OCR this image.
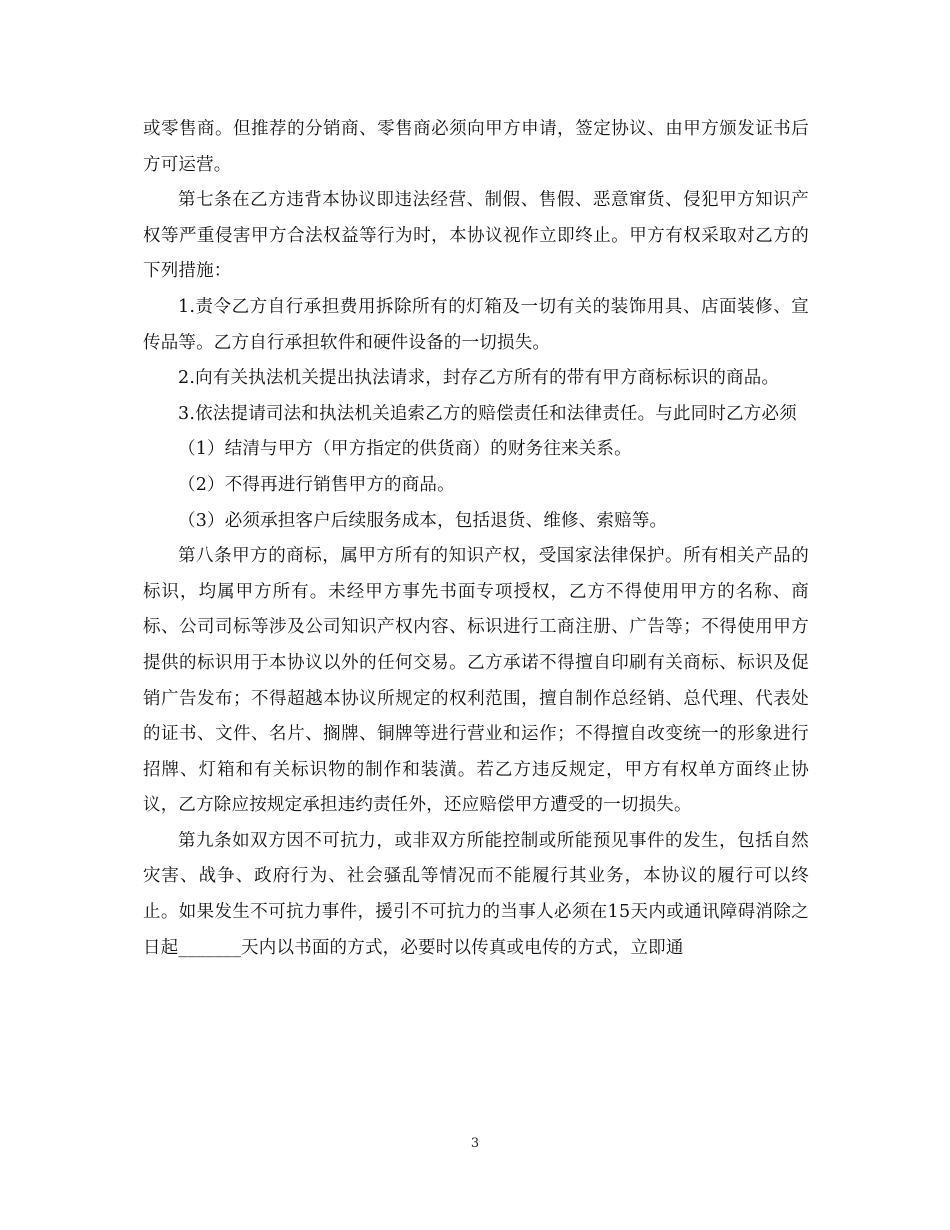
或零售商。但推荐的分销商、零售商必须向甲方申请，签定协议、由甲方颁发证书后方可运营。

第七条在乙方违背本协议即违法经营、制假、售假、恶意窜货、侵犯甲方知识产权等严重侵害甲方合法权益等行为时，本协议视作立即终止。甲方有权采取对乙方的下列措施：

1.责令乙方自行承担费用拆除所有的灯箱及一切有关的装饰用具、店面装修、宣传品等。乙方自行承担软件和硬件设备的一切损失。

2.向有关执法机关提出执法请求，封存乙方所有的带有甲方商标标识的商品。

3.依法提请司法和执法机关追索乙方的赔偿责任和法律责任。与此同时乙方必须

（1）结清与甲方（甲方指定的供货商）的财务往来关系。

（2）不得再进行销售甲方的商品。

（3）必须承担客户后续服务成本，包括退货、维修、索赔等。

第八条甲方的商标，属甲方所有的知识产权，受国家法律保护。所有相关产品的标识，均属甲方所有。未经甲方事先书面专项授权，乙方不得使用甲方的名称、商标、公司司标等涉及公司知识产权内容、标识进行工商注册、广告等；不得使用甲方提供的标识用于本协议以外的任何交易。乙方承诺不得擅自印刷有关商标、标识及促销广告发布；不得超越本协议所规定的权利范围，擅自制作总经销、总代理、代表处的证书、文件、名片、搁牌、铜牌等进行营业和运作；不得擅自改变统一的形象进行招牌、灯箱和有关标识物的制作和装潢。若乙方违反规定，甲方有权单方面终止协议，乙方除应按规定承担违约责任外，还应赔偿甲方遭受的一切损失。

第九条如双方因不可抗力，或非双方所能控制或所能预见事件的发生，包括自然灾害、战争、政府行为、社会骚乱等情况而不能履行其业务，本协议的履行可以终止。如果发生不可抗力事件，援引不可抗力的当事人必须在15天内或通讯障碍消除之日起_______天内以书面的方式，必要时以传真或电传的方式，立即通

3
